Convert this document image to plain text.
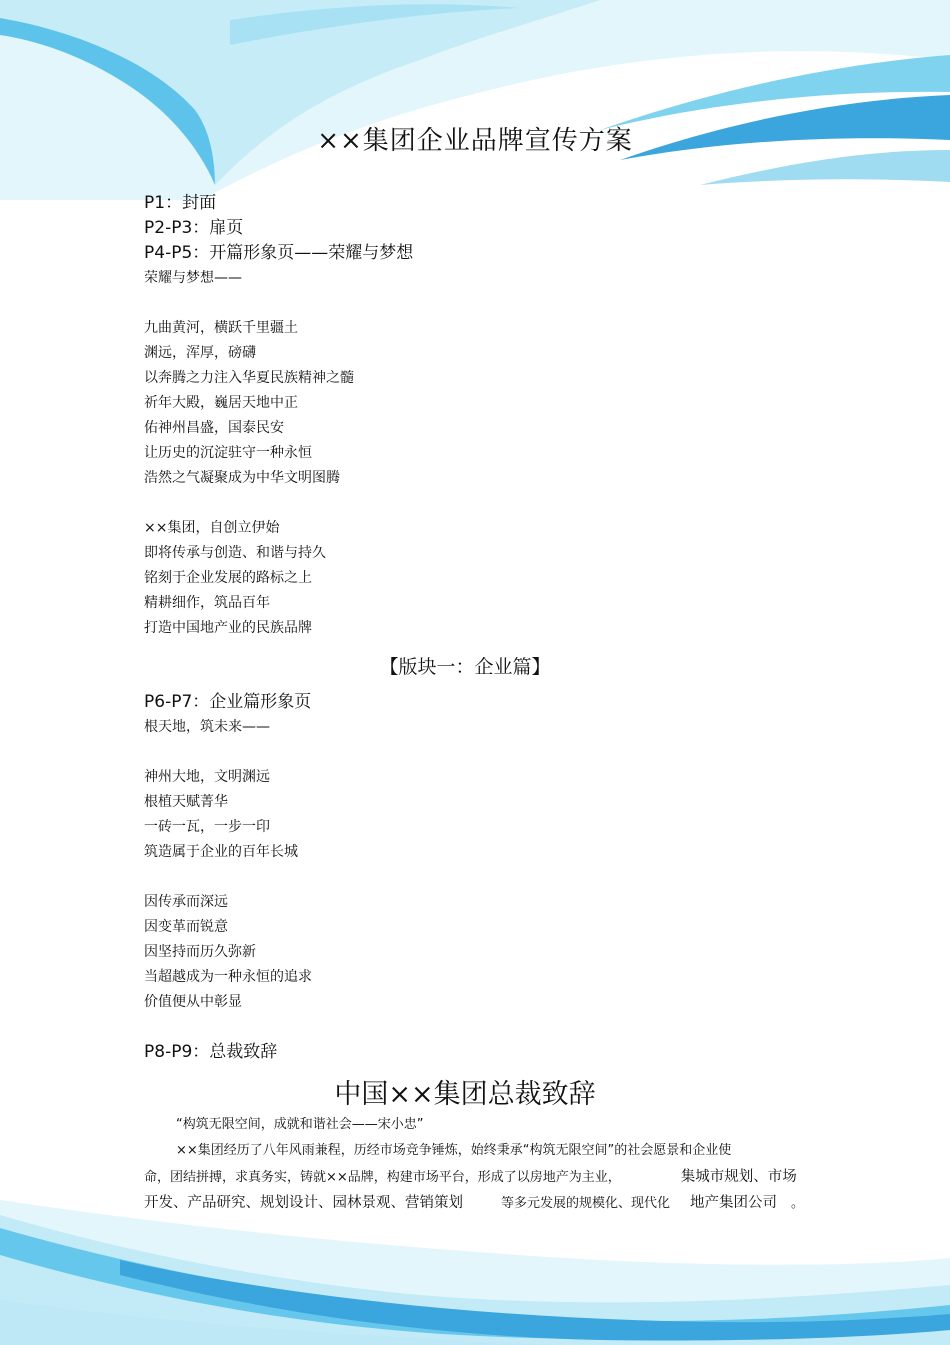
××集团企业品牌宣传方案
P1：封面
P2-P3：扉页
P4-P5：开篇形象页——荣耀与梦想
荣耀与梦想——
九曲黄河，横跃千里疆土
渊远，浑厚，磅礴
以奔腾之力注入华夏民族精神之髓
祈年大殿，巍居天地中正
佑神州昌盛，国泰民安
让历史的沉淀驻守一种永恒
浩然之气凝聚成为中华文明图腾
××集团，自创立伊始
即将传承与创造、和谐与持久
铭刻于企业发展的路标之上
精耕细作，筑品百年
打造中国地产业的民族品牌
【版块一：企业篇】
P6-P7：企业篇形象页
根天地，筑未来——
神州大地，文明渊远
根植天赋菁华
一砖一瓦，一步一印
筑造属于企业的百年长城
因传承而深远
因变革而锐意
因坚持而历久弥新
当超越成为一种永恒的追求
价值便从中彰显
P8-P9：总裁致辞
中国××集团总裁致辞
“构筑无限空间，成就和谐社会——宋小忠”
××集团经历了八年风雨兼程，历经市场竞争锤炼，始终秉承“构筑无限空间”的社会愿景和企业使
命，团结拼搏，求真务实，铸就××品牌，构建市场平台，形成了以房地产为主业，	集城市规划、市场
开发、产品研究、规划设计、园林景观、营销策划	等多元发展的规模化、现代化 地产集团公司 。
